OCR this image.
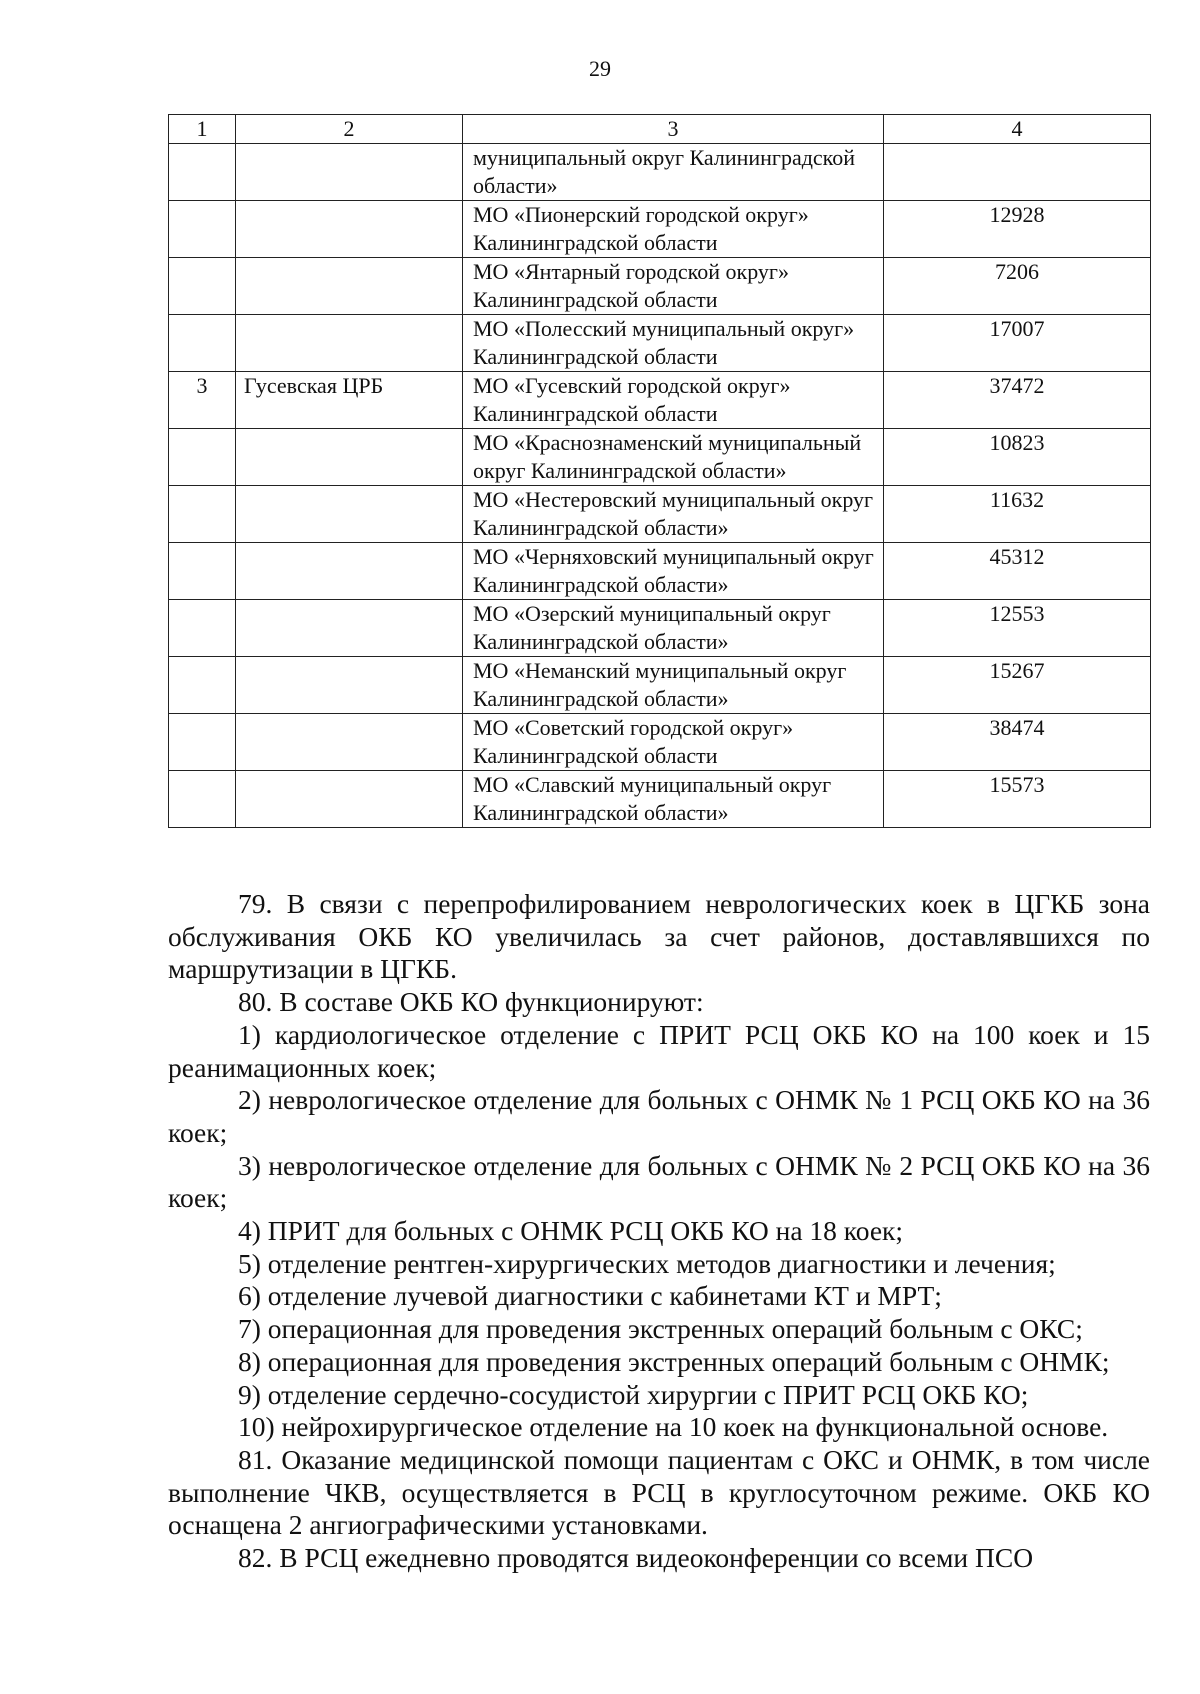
29
1	2	3	4
		муниципальный округ Калининградской области»	
		МО «Пионерский городской округ» Калининградской области	12928
		МО «Янтарный городской округ» Калининградской области	7206
		МО «Полесский муниципальный округ» Калининградской области	17007
3	Гусевская ЦРБ	МО «Гусевский городской округ» Калининградской области	37472
		МО «Краснознаменский муниципальный округ Калининградской области»	10823
		МО «Нестеровский муниципальный округ Калининградской области»	11632
		МО «Черняховский муниципальный округ Калининградской области»	45312
		МО «Озерский муниципальный округ Калининградской области»	12553
		МО «Неманский муниципальный округ Калининградской области»	15267
		МО «Советский городской округ» Калининградской области	38474
		МО «Славский муниципальный округ Калининградской области»	15573

79. В связи с перепрофилированием неврологических коек в ЦГКБ зона обслуживания ОКБ КО увеличилась за счет районов, доставлявшихся по маршрутизации в ЦГКБ.

80. В составе ОКБ КО функционируют:

1) кардиологическое отделение с ПРИТ РСЦ ОКБ КО на 100 коек и 15 реанимационных коек;

2) неврологическое отделение для больных с ОНМК № 1 РСЦ ОКБ КО на 36 коек;

3) неврологическое отделение для больных с ОНМК № 2 РСЦ ОКБ КО на 36 коек;

4) ПРИТ для больных с ОНМК РСЦ ОКБ КО на 18 коек;

5) отделение рентген-хирургических методов диагностики и лечения;

6) отделение лучевой диагностики с кабинетами КТ и МРТ;

7) операционная для проведения экстренных операций больным с ОКС;

8) операционная для проведения экстренных операций больным с ОНМК;

9) отделение сердечно-сосудистой хирургии с ПРИТ РСЦ ОКБ КО;

10) нейрохирургическое отделение на 10 коек на функциональной основе.

81. Оказание медицинской помощи пациентам с ОКС и ОНМК, в том числе выполнение ЧКВ, осуществляется в РСЦ в круглосуточном режиме. ОКБ КО оснащена 2 ангиографическими установками.

82. В РСЦ ежедневно проводятся видеоконференции со всеми ПСО
